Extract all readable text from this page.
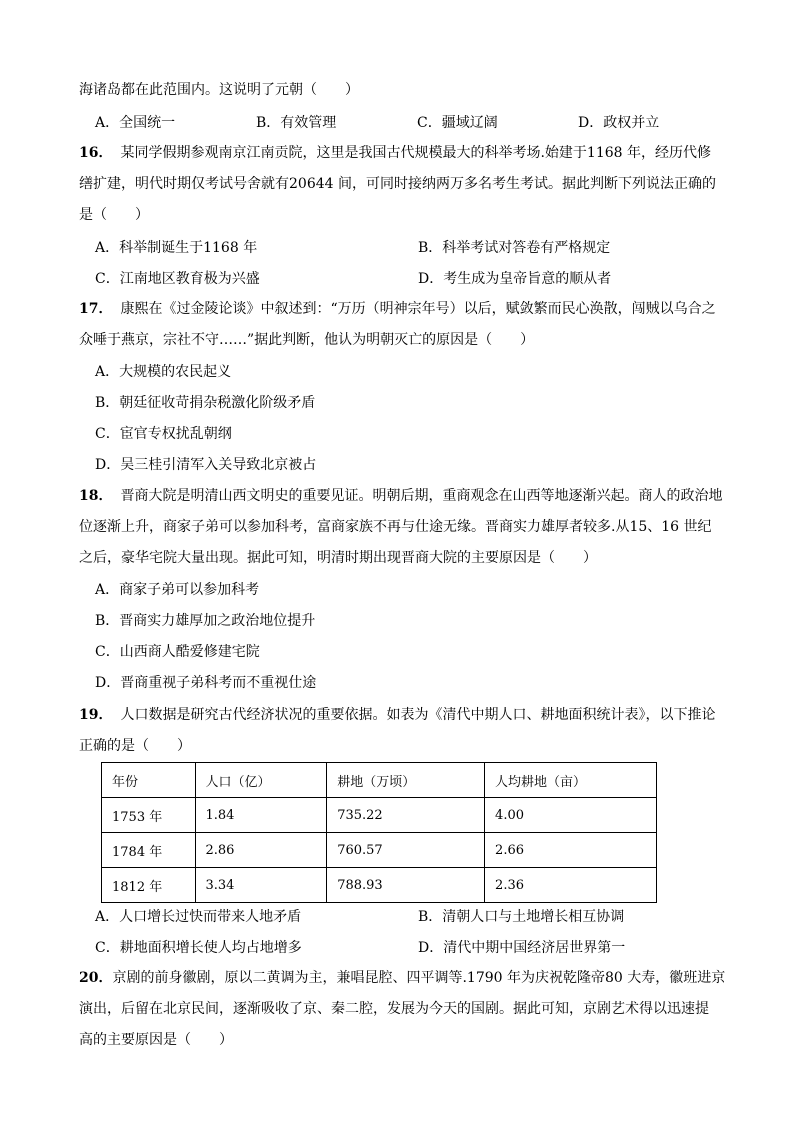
海诸岛都在此范围内。这说明了元朝（　　）
A．全国统一	B．有效管理	C．疆域辽阔	D．政权并立
16． 某同学假期参观南京江南贡院，这里是我国古代规模最大的科举考场.始建于1168 年，经历代修
缮扩建，明代时期仅考试号舍就有20644 间，可同时接纳两万多名考生考试。据此判断下列说法正确的
是（　　）
A．科举制诞生于1168 年	B．科举考试对答卷有严格规定
C．江南地区教育极为兴盛	D．考生成为皇帝旨意的顺从者
17． 康熙在《过金陵论谈》中叙述到：“万历（明神宗年号）以后，赋敛繁而民心涣散，闯贼以乌合之
众唾于燕京，宗社不守……”据此判断，他认为明朝灭亡的原因是（　　）
A．大规模的农民起义
B．朝廷征收苛捐杂税激化阶级矛盾
C．宦官专权扰乱朝纲
D．吴三桂引清军入关导致北京被占
18． 晋商大院是明清山西文明史的重要见证。明朝后期，重商观念在山西等地逐渐兴起。商人的政治地
位逐渐上升，商家子弟可以参加科考，富商家族不再与仕途无缘。晋商实力雄厚者较多.从15、16 世纪
之后，豪华宅院大量出现。据此可知，明清时期出现晋商大院的主要原因是（　　）
A．商家子弟可以参加科考
B．晋商实力雄厚加之政治地位提升
C．山西商人酷爱修建宅院
D．晋商重视子弟科考而不重视仕途
19． 人口数据是研究古代经济状况的重要依据。如表为《清代中期人口、耕地面积统计表》，以下推论
正确的是（　　）
年份	人口（亿）	耕地（万顷）	人均耕地（亩）
1753 年	1.84	735.22	4.00
1784 年	2.86	760.57	2.66
1812 年	3.34	788.93	2.36
A．人口增长过快而带来人地矛盾	B．清朝人口与土地增长相互协调
C．耕地面积增长使人均占地增多	D．清代中期中国经济居世界第一
20．京剧的前身徽剧，原以二黄调为主，兼唱昆腔、四平调等.1790 年为庆祝乾隆帝80 大寿，徽班进京
演出，后留在北京民间，逐渐吸收了京、秦二腔，发展为今天的国剧。据此可知，京剧艺术得以迅速提
高的主要原因是（　　）
